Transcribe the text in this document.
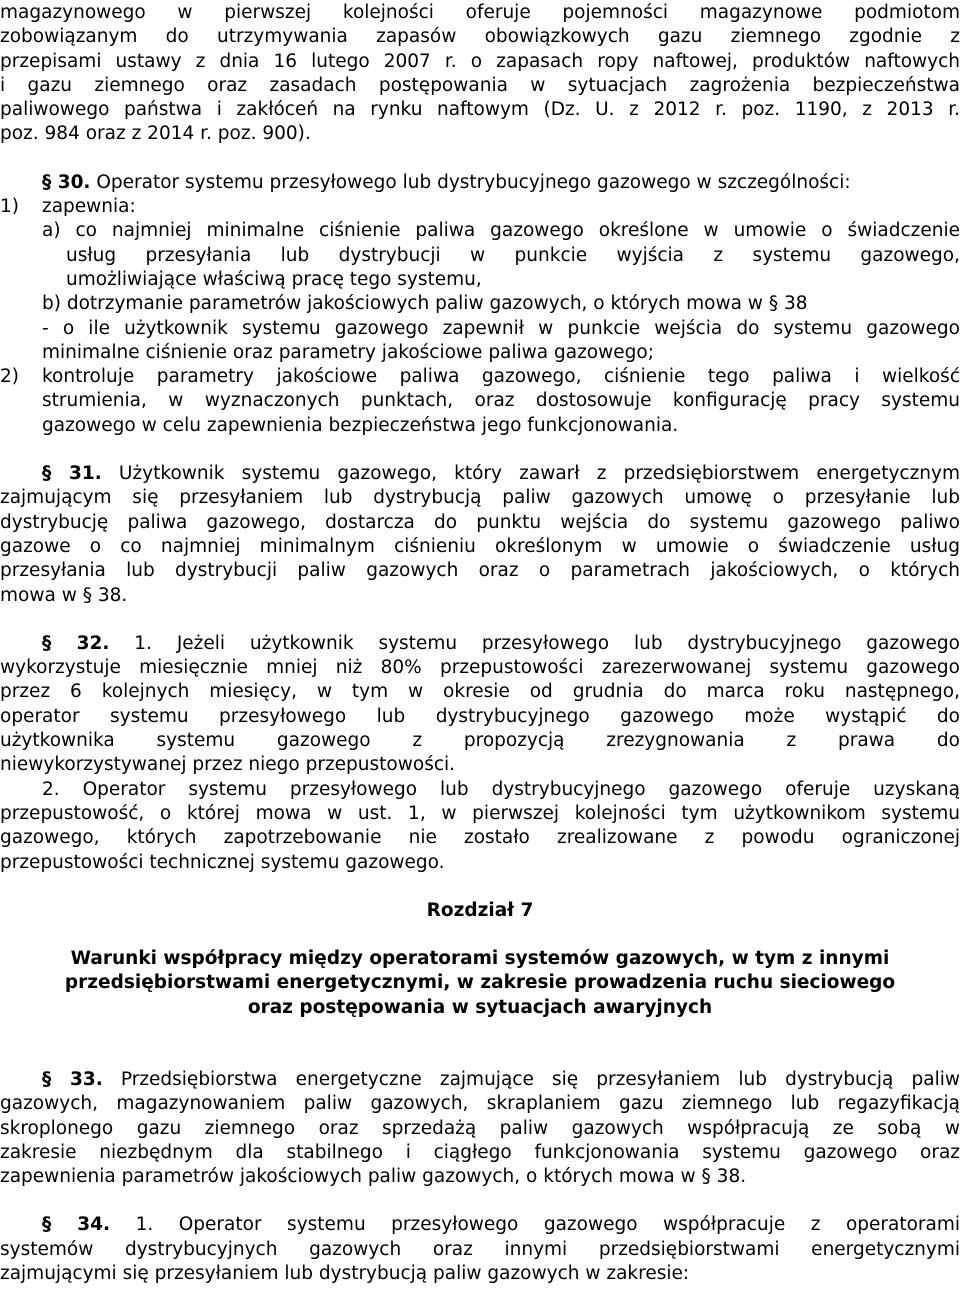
magazynowego w pierwszej kolejności oferuje pojemności magazynowe podmiotom

zobowiązanym do utrzymywania zapasów obowiązkowych gazu ziemnego zgodnie z

przepisami ustawy z dnia 16 lutego 2007 r. o zapasach ropy naftowej, produktów naftowych

i gazu ziemnego oraz zasadach postępowania w sytuacjach zagrożenia bezpieczeństwa

paliwowego państwa i zakłóceń na rynku naftowym (Dz. U. z 2012 r. poz. 1190, z 2013 r.

poz. 984 oraz z 2014 r. poz. 900).

§ 30. Operator systemu przesyłowego lub dystrybucyjnego gazowego w szczególności:

1)	zapewnia:

a) co najmniej minimalne ciśnienie paliwa gazowego określone w umowie o świadczenie

usług przesyłania lub dystrybucji w punkcie wyjścia z systemu gazowego,

umożliwiające właściwą pracę tego systemu,

b) dotrzymanie parametrów jakościowych paliw gazowych, o których mowa w § 38

- o ile użytkownik systemu gazowego zapewnił w punkcie wejścia do systemu gazowego

minimalne ciśnienie oraz parametry jakościowe paliwa gazowego;

2)	kontroluje parametry jakościowe paliwa gazowego, ciśnienie tego paliwa i wielkość

strumienia, w wyznaczonych punktach, oraz dostosowuje konfigurację pracy systemu

gazowego w celu zapewnienia bezpieczeństwa jego funkcjonowania.

§ 31. Użytkownik systemu gazowego, który zawarł z przedsiębiorstwem energetycznym

zajmującym się przesyłaniem lub dystrybucją paliw gazowych umowę o przesyłanie lub

dystrybucję paliwa gazowego, dostarcza do punktu wejścia do systemu gazowego paliwo

gazowe o co najmniej minimalnym ciśnieniu określonym w umowie o świadczenie usług

przesyłania lub dystrybucji paliw gazowych oraz o parametrach jakościowych, o których

mowa w § 38.

§ 32. 1. Jeżeli użytkownik systemu przesyłowego lub dystrybucyjnego gazowego

wykorzystuje miesięcznie mniej niż 80% przepustowości zarezerwowanej systemu gazowego

przez 6 kolejnych miesięcy, w tym w okresie od grudnia do marca roku następnego,

operator systemu przesyłowego lub dystrybucyjnego gazowego może wystąpić do

użytkownika systemu gazowego z propozycją zrezygnowania z prawa do

niewykorzystywanej przez niego przepustowości.

2. Operator systemu przesyłowego lub dystrybucyjnego gazowego oferuje uzyskaną

przepustowość, o której mowa w ust. 1, w pierwszej kolejności tym użytkownikom systemu

gazowego, których zapotrzebowanie nie zostało zrealizowane z powodu ograniczonej

przepustowości technicznej systemu gazowego.

Rozdział 7

Warunki współpracy między operatorami systemów gazowych, w tym z innymi

przedsiębiorstwami energetycznymi, w zakresie prowadzenia ruchu sieciowego

oraz postępowania w sytuacjach awaryjnych

§ 33. Przedsiębiorstwa energetyczne zajmujące się przesyłaniem lub dystrybucją paliw

gazowych, magazynowaniem paliw gazowych, skraplaniem gazu ziemnego lub regazyfikacją

skroplonego gazu ziemnego oraz sprzedażą paliw gazowych współpracują ze sobą w

zakresie niezbędnym dla stabilnego i ciągłego funkcjonowania systemu gazowego oraz

zapewnienia parametrów jakościowych paliw gazowych, o których mowa w § 38.

§ 34. 1. Operator systemu przesyłowego gazowego współpracuje z operatorami

systemów dystrybucyjnych gazowych oraz innymi przedsiębiorstwami energetycznymi

zajmującymi się przesyłaniem lub dystrybucją paliw gazowych w zakresie:
